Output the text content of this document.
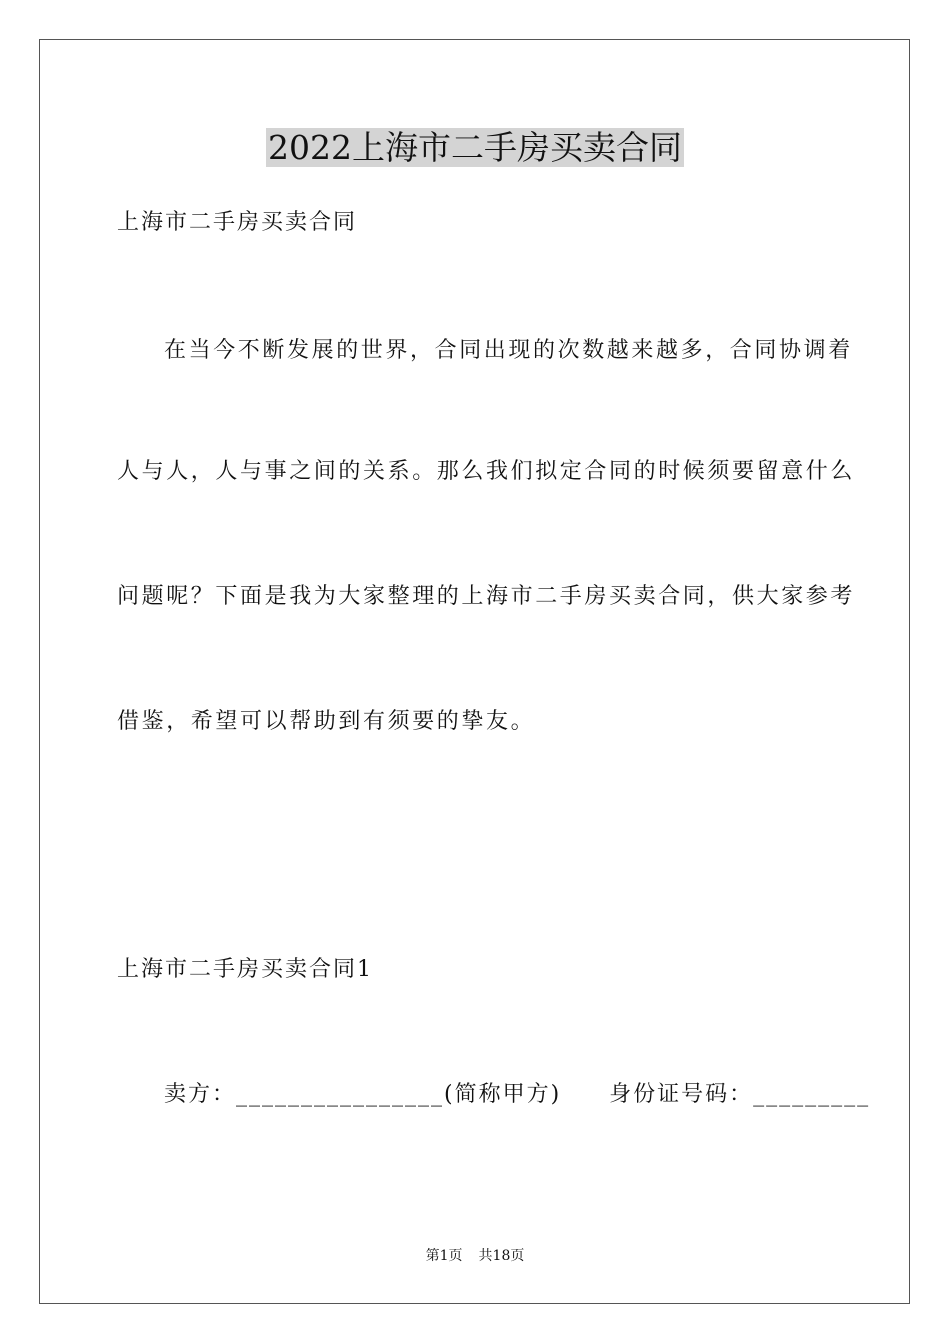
2022上海市二手房买卖合同
上海市二手房买卖合同
在当今不断发展的世界，合同出现的次数越来越多，合同协调着
人与人，人与事之间的关系。那么我们拟定合同的时候须要留意什么
问题呢？下面是我为大家整理的上海市二手房买卖合同，供大家参考
借鉴，希望可以帮助到有须要的挚友。
上海市二手房买卖合同1
卖方：________________(简称甲方)　　身份证号码：_________
第1页 共18页
